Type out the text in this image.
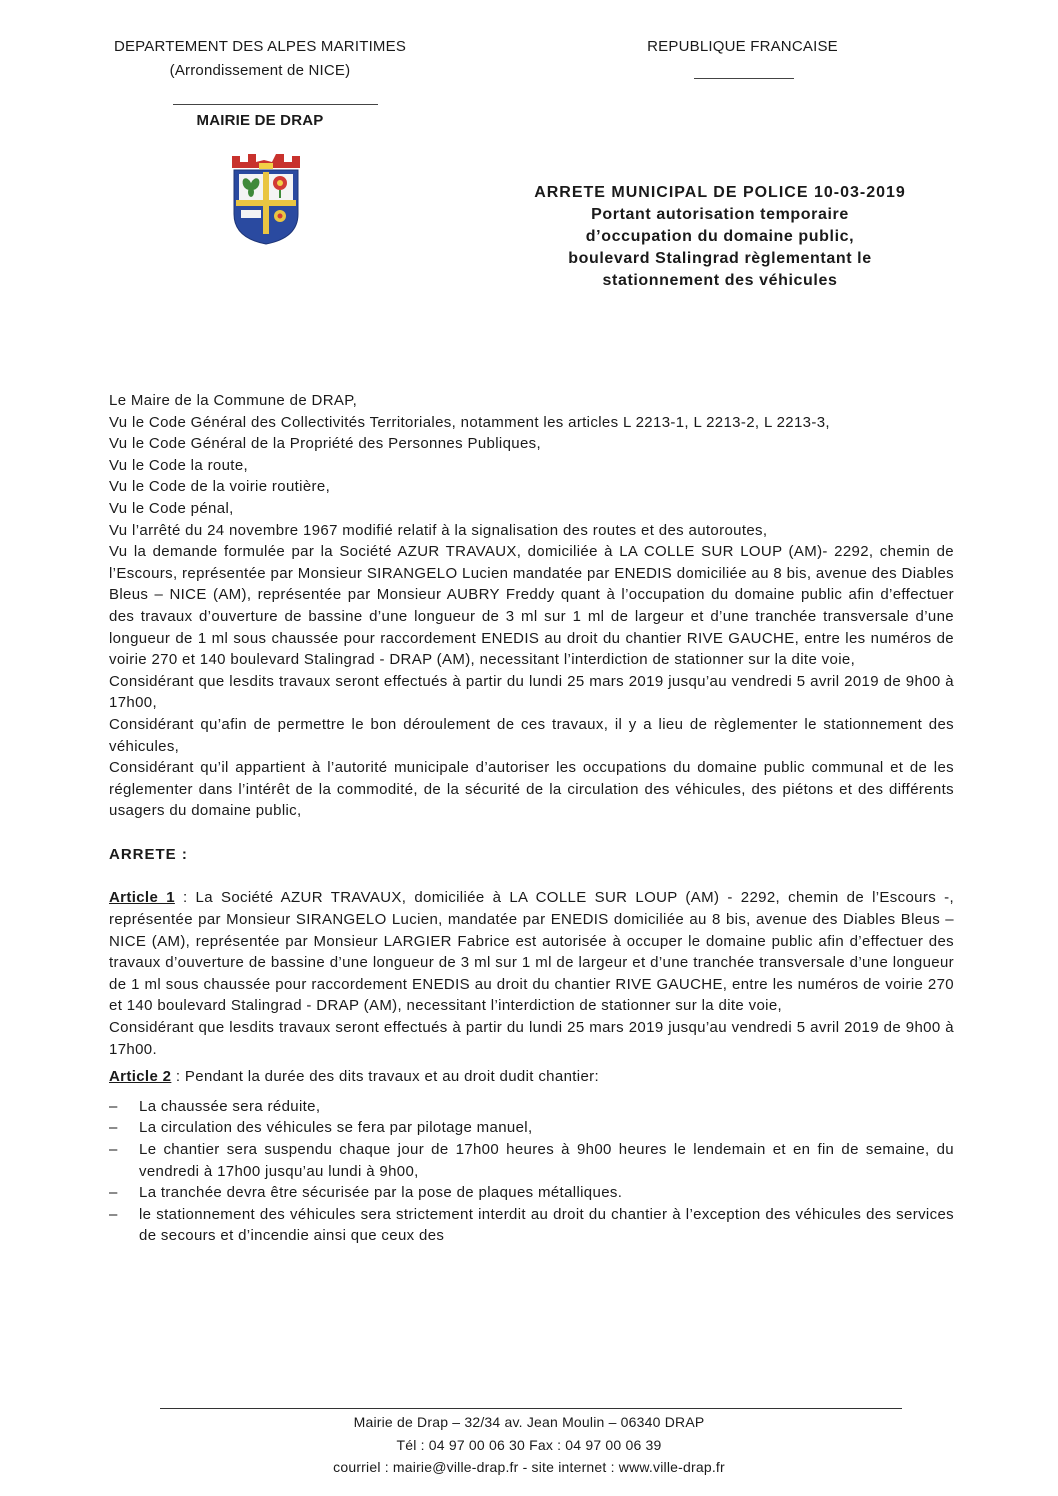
DEPARTEMENT DES ALPES MARITIMES
(Arrondissement de NICE)
MAIRIE DE DRAP
REPUBLIQUE FRANCAISE
ARRETE MUNICIPAL DE POLICE 10-03-2019
Portant autorisation temporaire
d’occupation du domaine public,
boulevard Stalingrad règlementant le
stationnement des véhicules

Le Maire de la Commune de DRAP,

Vu le Code Général des Collectivités Territoriales, notamment les articles L 2213-1, L 2213-2, L 2213-3,

Vu le Code Général de la Propriété des Personnes Publiques,

Vu le Code la route,

Vu le Code de la voirie routière,

Vu le Code pénal,

Vu l’arrêté du 24 novembre 1967 modifié relatif à la signalisation des routes et des autoroutes,

Vu la demande formulée par la Société AZUR TRAVAUX, domiciliée à LA COLLE SUR LOUP (AM)- 2292, chemin de l’Escours, représentée par Monsieur SIRANGELO Lucien mandatée par ENEDIS domiciliée au 8 bis, avenue des Diables Bleus – NICE (AM), représentée par Monsieur AUBRY Freddy quant à l’occupation du domaine public afin d’effectuer des travaux d’ouverture de bassine d’une longueur de 3 ml sur 1 ml de largeur et d’une tranchée transversale d’une longueur de 1 ml sous chaussée pour raccordement ENEDIS au droit du chantier RIVE GAUCHE, entre les numéros de voirie 270 et 140 boulevard Stalingrad - DRAP (AM), necessitant l’interdiction de stationner sur la dite voie,

Considérant que lesdits travaux seront effectués à partir du lundi 25 mars 2019 jusqu’au vendredi 5 avril 2019 de 9h00 à 17h00,

Considérant qu’afin de permettre le bon déroulement de ces travaux, il y a lieu de règlementer le stationnement des véhicules,

Considérant qu’il appartient à l’autorité municipale d’autoriser les occupations du domaine public communal et de les réglementer dans l’intérêt de la commodité, de la sécurité de la circulation des véhicules, des piétons et des différents usagers du domaine public,

ARRETE :

Article 1 : La Société AZUR TRAVAUX, domiciliée à LA COLLE SUR LOUP (AM) - 2292, chemin de l’Escours -, représentée par Monsieur SIRANGELO Lucien, mandatée par ENEDIS domiciliée au 8 bis, avenue des Diables Bleus – NICE (AM), représentée par Monsieur LARGIER Fabrice est autorisée à occuper le domaine public afin d’effectuer des travaux d’ouverture de bassine d’une longueur de 3 ml sur 1 ml de largeur et d’une tranchée transversale d’une longueur de 1 ml sous chaussée pour raccordement ENEDIS au droit du chantier RIVE GAUCHE, entre les numéros de voirie 270 et 140 boulevard Stalingrad - DRAP (AM), necessitant l’interdiction de stationner sur la dite voie,

Considérant que lesdits travaux seront effectués à partir du lundi 25 mars 2019 jusqu’au vendredi 5 avril 2019 de 9h00 à 17h00.

Article 2 : Pendant la durée des dits travaux et au droit dudit chantier:

–	La chaussée sera réduite,
–	La circulation des véhicules se fera par pilotage manuel,
–	Le chantier sera suspendu chaque jour de 17h00 heures à 9h00 heures le lendemain et en fin de semaine, du vendredi à 17h00 jusqu’au lundi à 9h00,
–	La tranchée devra être sécurisée par la pose de plaques métalliques.
–	le stationnement des véhicules sera strictement interdit au droit du chantier à l’exception des véhicules des services de secours et d’incendie ainsi que ceux des
Mairie de Drap – 32/34 av. Jean Moulin – 06340 DRAP
Tél : 04 97 00 06 30 Fax : 04 97 00 06 39
courriel : mairie@ville-drap.fr - site internet : www.ville-drap.fr
